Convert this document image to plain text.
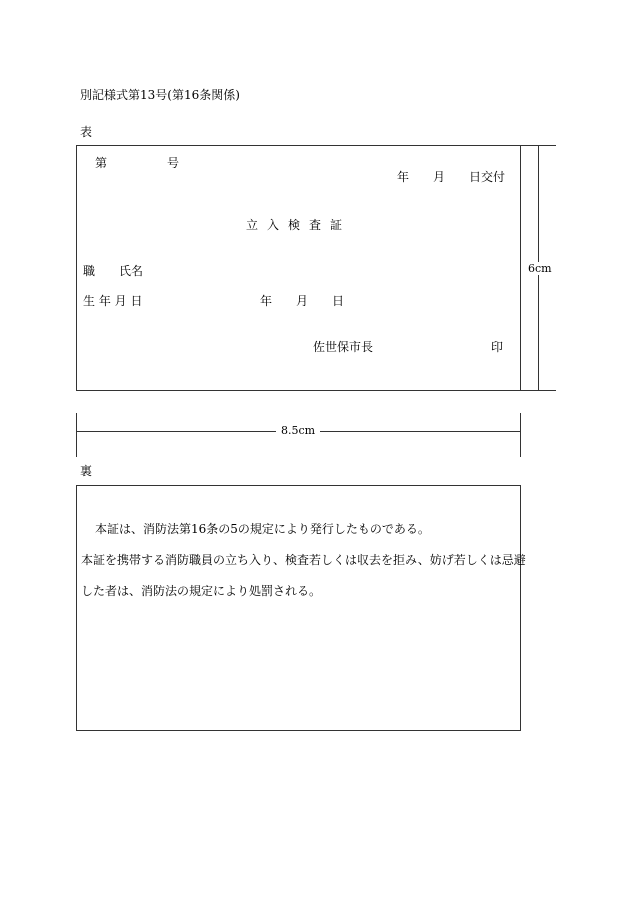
別記様式第13号(第16条関係)
表
第	号
年　　月　　日交付
立入検査証
職　　氏名
生 年 月 日	年　　月　　日
佐世保市長	印
6cm
8.5cm
裏

本証は、消防法第16条の5の規定により発行したものである。

本証を携帯する消防職員の立ち入り、検査若しくは収去を拒み、妨げ若しくは忌避

した者は、消防法の規定により処罰される。
